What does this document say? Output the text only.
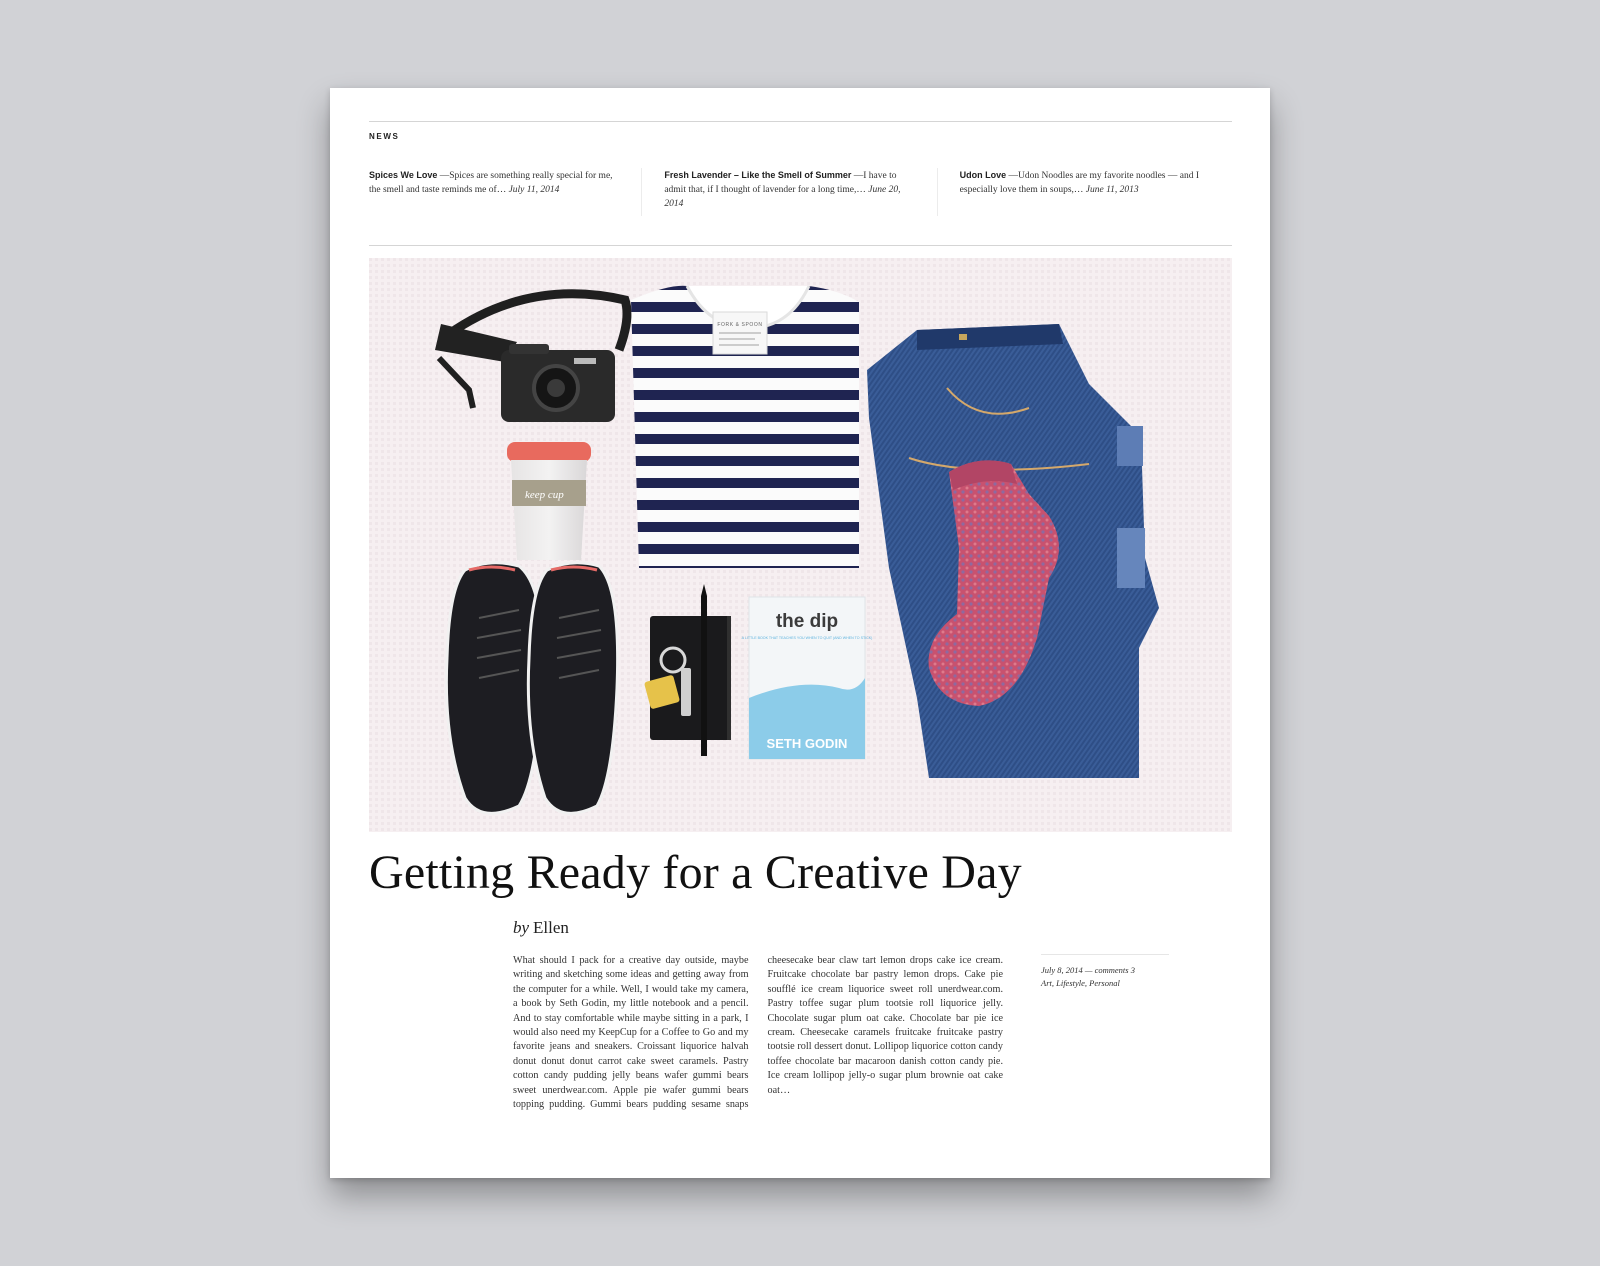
NEWS
Spices We Love —Spices are something really special for me, the smell and taste reminds me of… July 11, 2014
Fresh Lavender – Like the Smell of Summer —I have to admit that, if I thought of lavender for a long time,… June 20, 2014
Udon Love —Udon Noodles are my favorite noodles — and I especially love them in soups,… June 11, 2013
keep cup
FORK & SPOON
the dip
A LITTLE BOOK THAT TEACHES YOU WHEN TO QUIT (AND WHEN TO STICK)
SETH GODIN
Getting Ready for a Creative Day
by Ellen
What should I pack for a creative day outside, maybe writing and sketching some ideas and getting away from the computer for a while. Well, I would take my camera, a book by Seth Godin, my little notebook and a pencil. And to stay comfortable while maybe sitting in a park, I would also need my KeepCup for a Coffee to Go and my favorite jeans and sneakers. Croissant liquorice halvah donut donut donut carrot cake sweet caramels. Pastry cotton candy pudding jelly beans wafer gummi bears sweet unerdwear.com. Apple pie wafer gummi bears topping pudding. Gummi bears pudding sesame snaps cheesecake bear claw tart lemon drops cake ice cream. Fruitcake chocolate bar pastry lemon drops. Cake pie soufflé ice cream liquorice sweet roll unerdwear.com. Pastry toffee sugar plum tootsie roll liquorice jelly. Chocolate sugar plum oat cake. Chocolate bar pie ice cream. Cheesecake caramels fruitcake fruitcake pastry tootsie roll dessert donut. Lollipop liquorice cotton candy toffee chocolate bar macaroon danish cotton candy pie. Ice cream lollipop jelly-o sugar plum brownie oat cake oat…
July 8, 2014 — comments 3
Art, Lifestyle, Personal
